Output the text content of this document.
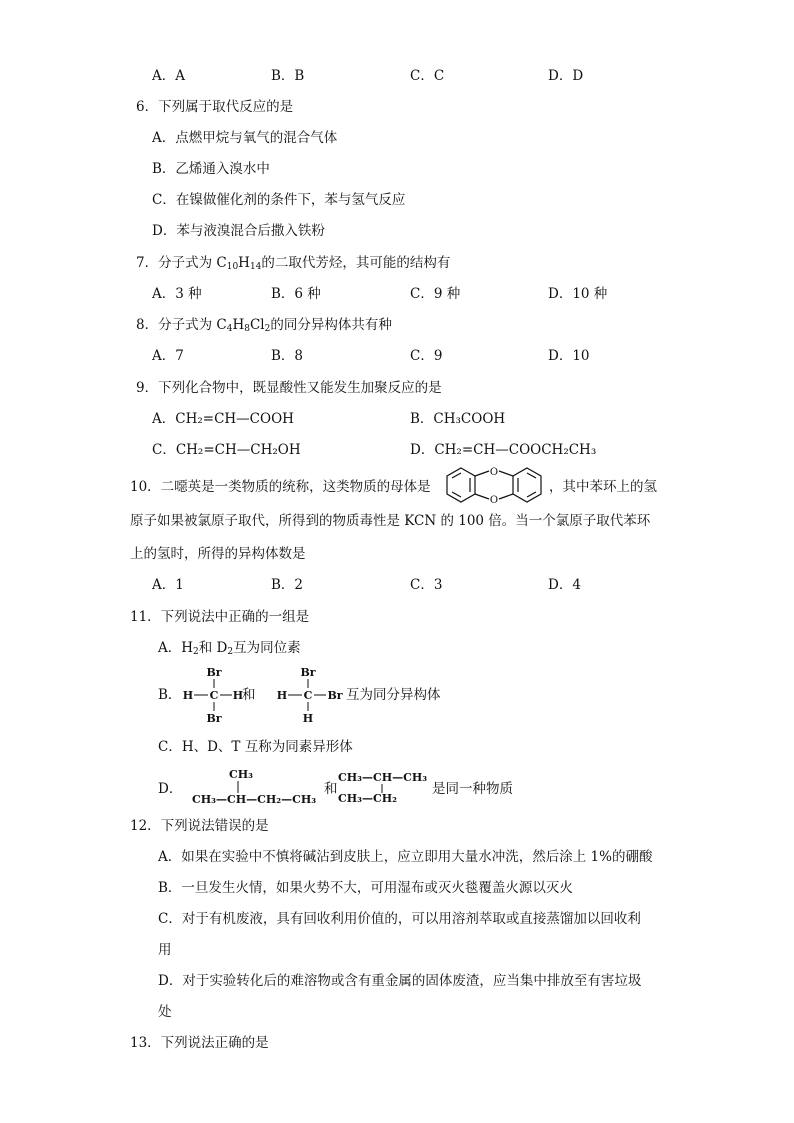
A．A	B．B	C．C	D．D
6．下列属于取代反应的是
A．点燃甲烷与氧气的混合气体
B．乙烯通入溴水中
C．在镍做催化剂的条件下，苯与氢气反应
D．苯与液溴混合后撒入铁粉
7．分子式为 $C_{10}H_{14}$的二取代芳烃，其可能的结构有
A．3 种	B．6 种	C．9 种	D．10 种
8．分子式为 $C_4H_8Cl_2$的同分异构体共有种
A．7	B．8	C．9	D．10
9．下列化合物中，既显酸性又能发生加聚反应的是
A．CH₂=CH—COOH	B．CH₃COOH
C．CH₂=CH—CH₂OH	D．CH₂=CH—COOCH₂CH₃
10．二噁英是一类物质的统称，这类物质的母体是
O
O
，其中苯环上的氢
原子如果被氯原子取代，所得到的物质毒性是 KCN 的 100 倍。当一个氯原子取代苯环
上的氢时，所得的异构体数是
A．1	B．2	C．3	D．4
11．下列说法中正确的一组是
A．$H_2$和 $D_2$互为同位素
B．
Br
H C H
Br
和
Br
H C Br
H
互为同分异构体
C．H、D、T 互称为同素异形体
D．
CH₃
CH₃—CH—CH₂—CH₃
和
CH₃—CH—CH₃
CH₃—CH₂
是同一种物质
12．下列说法错误的是
A．如果在实验中不慎将碱沾到皮肤上，应立即用大量水冲洗，然后涂上 1%的硼酸
B．一旦发生火情，如果火势不大，可用湿布或灭火毯覆盖火源以灭火
C．对于有机废液，具有回收利用价值的，可以用溶剂萃取或直接蒸馏加以回收利
用
D．对于实验转化后的难溶物或含有重金属的固体废渣，应当集中排放至有害垃圾
处
13．下列说法正确的是
